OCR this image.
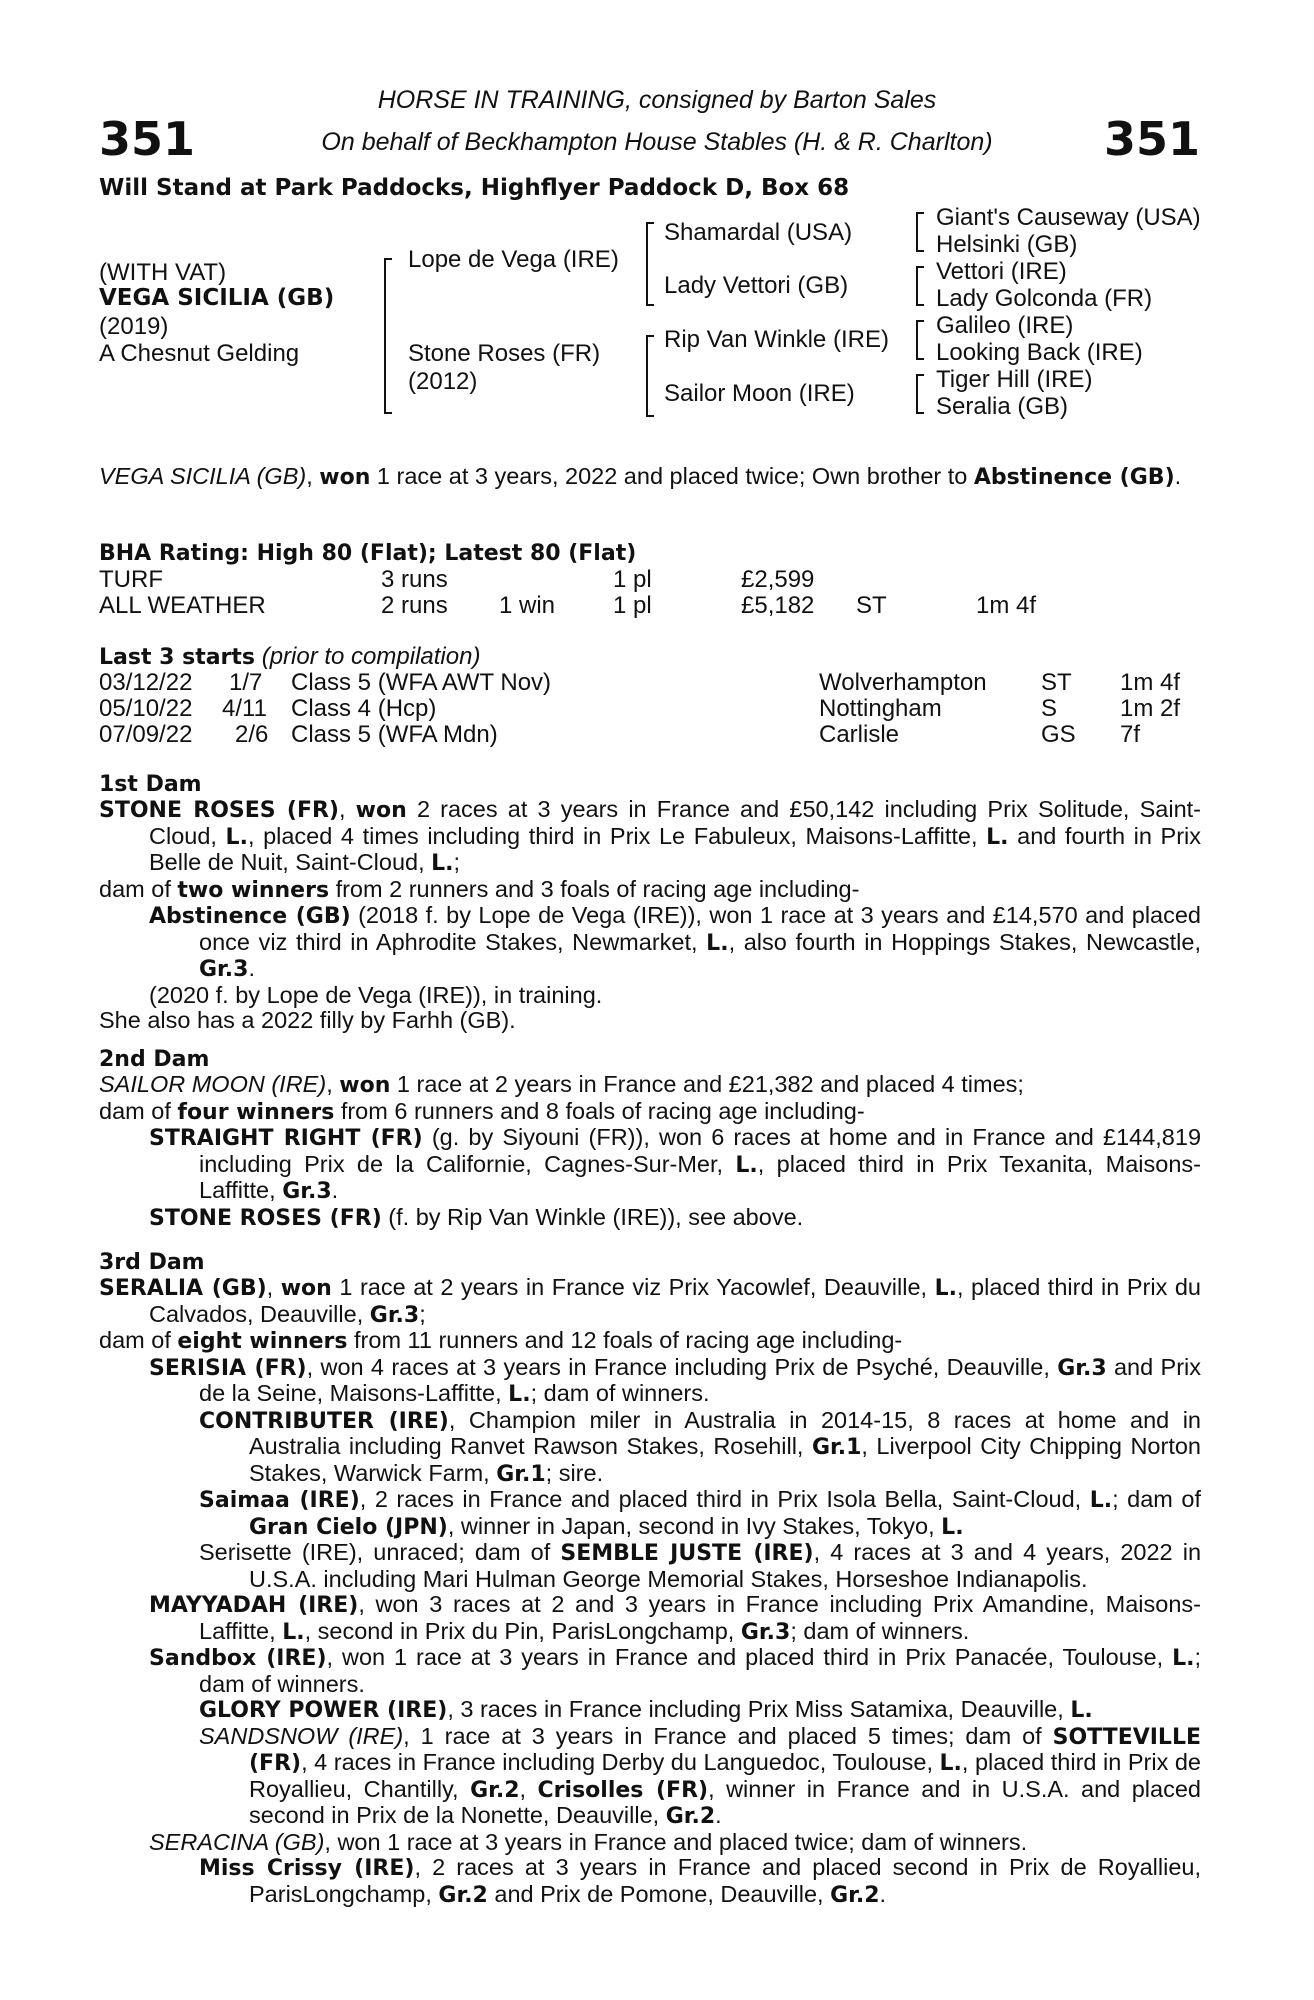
351	351
HORSE IN TRAINING, consigned by Barton Sales
On behalf of Beckhampton House Stables (H. & R. Charlton)
Will Stand at Park Paddocks, Highflyer Paddock D, Box 68
(WITH VAT)
VEGA SICILIA (GB)
(2019)
A Chesnut Gelding
Lope de Vega (IRE)
Stone Roses (FR)
(2012)
Shamardal (USA)
Lady Vettori (GB)
Rip Van Winkle (IRE)
Sailor Moon (IRE)
Giant's Causeway (USA)
Helsinki (GB)
Vettori (IRE)
Lady Golconda (FR)
Galileo (IRE)
Looking Back (IRE)
Tiger Hill (IRE)
Seralia (GB)
VEGA SICILIA (GB), won 1 race at 3 years, 2022 and placed twice; Own brother to Abstinence (GB).
BHA Rating: High 80 (Flat); Latest 80 (Flat)
TURF	3 runs	1 pl	£2,599
ALL WEATHER	2 runs 1 win 1 pl	£5,182 ST	1m 4f
Last 3 starts (prior to compilation)
03/12/22 1/7 Class 5 (WFA AWT Nov)	Wolverhampton ST 1m 4f
05/10/22 4/11 Class 4 (Hcp)	Nottingham	S	1m 2f
07/09/22 2/6 Class 5 (WFA Mdn)	Carlisle	GS 7f
1st Dam
STONE ROSES (FR), won 2 races at 3 years in France and £50,142 including Prix Solitude, Saint-Cloud, L., placed 4 times including third in Prix Le Fabuleux, Maisons-Laffitte, L. and fourth in Prix Belle de Nuit, Saint-Cloud, L.;
dam of two winners from 2 runners and 3 foals of racing age including-
Abstinence (GB) (2018 f. by Lope de Vega (IRE)), won 1 race at 3 years and £14,570 and placed once viz third in Aphrodite Stakes, Newmarket, L., also fourth in Hoppings Stakes, Newcastle, Gr.3.
(2020 f. by Lope de Vega (IRE)), in training.
She also has a 2022 filly by Farhh (GB).
2nd Dam
SAILOR MOON (IRE), won 1 race at 2 years in France and £21,382 and placed 4 times;
dam of four winners from 6 runners and 8 foals of racing age including-
STRAIGHT RIGHT (FR) (g. by Siyouni (FR)), won 6 races at home and in France and £144,819 including Prix de la Californie, Cagnes-Sur-Mer, L., placed third in Prix Texanita, Maisons-Laffitte, Gr.3.
STONE ROSES (FR) (f. by Rip Van Winkle (IRE)), see above.
3rd Dam
SERALIA (GB), won 1 race at 2 years in France viz Prix Yacowlef, Deauville, L., placed third in Prix du Calvados, Deauville, Gr.3;
dam of eight winners from 11 runners and 12 foals of racing age including-
SERISIA (FR), won 4 races at 3 years in France including Prix de Psyché, Deauville, Gr.3 and Prix de la Seine, Maisons-Laffitte, L.; dam of winners.
CONTRIBUTER (IRE), Champion miler in Australia in 2014-15, 8 races at home and in Australia including Ranvet Rawson Stakes, Rosehill, Gr.1, Liverpool City Chipping Norton Stakes, Warwick Farm, Gr.1; sire.
Saimaa (IRE), 2 races in France and placed third in Prix Isola Bella, Saint-Cloud, L.; dam of Gran Cielo (JPN), winner in Japan, second in Ivy Stakes, Tokyo, L.
Serisette (IRE), unraced; dam of SEMBLE JUSTE (IRE), 4 races at 3 and 4 years, 2022 in U.S.A. including Mari Hulman George Memorial Stakes, Horseshoe Indianapolis.
MAYYADAH (IRE), won 3 races at 2 and 3 years in France including Prix Amandine, Maisons-Laffitte, L., second in Prix du Pin, ParisLongchamp, Gr.3; dam of winners.
Sandbox (IRE), won 1 race at 3 years in France and placed third in Prix Panacée, Toulouse, L.; dam of winners.
GLORY POWER (IRE), 3 races in France including Prix Miss Satamixa, Deauville, L.
SANDSNOW (IRE), 1 race at 3 years in France and placed 5 times; dam of SOTTEVILLE (FR), 4 races in France including Derby du Languedoc, Toulouse, L., placed third in Prix de Royallieu, Chantilly, Gr.2, Crisolles (FR), winner in France and in U.S.A. and placed second in Prix de la Nonette, Deauville, Gr.2.
SERACINA (GB), won 1 race at 3 years in France and placed twice; dam of winners.
Miss Crissy (IRE), 2 races at 3 years in France and placed second in Prix de Royallieu, ParisLongchamp, Gr.2 and Prix de Pomone, Deauville, Gr.2.
